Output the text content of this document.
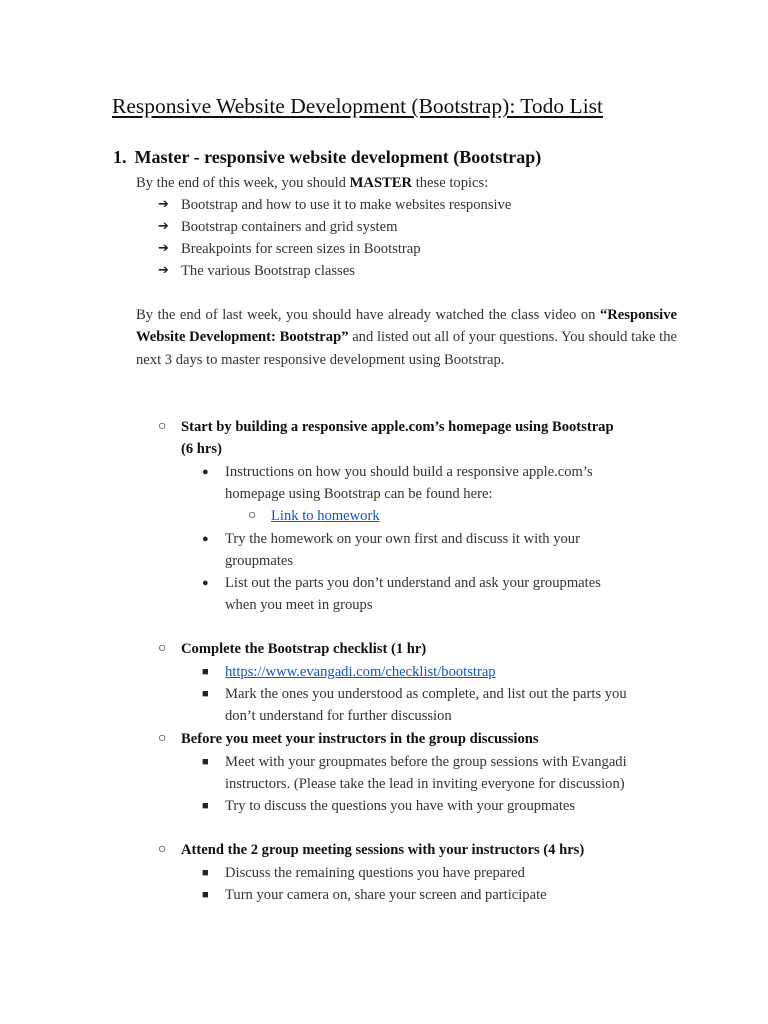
Responsive Website Development (Bootstrap): Todo List
1. Master - responsive website development (Bootstrap)
By the end of this week, you should MASTER these topics:
➔ Bootstrap and how to use it to make websites responsive
➔ Bootstrap containers and grid system
➔ Breakpoints for screen sizes in Bootstrap
➔ The various Bootstrap classes
By the end of last week, you should have already watched the class video on “Responsive Website Development: Bootstrap” and listed out all of your questions. You should take the next 3 days to master responsive development using Bootstrap.
○ Start by building a responsive apple.com’s homepage using Bootstrap
(6 hrs)
● Instructions on how you should build a responsive apple.com’s
homepage using Bootstrap can be found here:
○ Link to homework
● Try the homework on your own first and discuss it with your
groupmates
● List out the parts you don’t understand and ask your groupmates
when you meet in groups
○ Complete the Bootstrap checklist (1 hr)
■ https://www.evangadi.com/checklist/bootstrap
■ Mark the ones you understood as complete, and list out the parts you
don’t understand for further discussion
○ Before you meet your instructors in the group discussions
■ Meet with your groupmates before the group sessions with Evangadi
instructors. (Please take the lead in inviting everyone for discussion)
■ Try to discuss the questions you have with your groupmates
○ Attend the 2 group meeting sessions with your instructors (4 hrs)
■ Discuss the remaining questions you have prepared
■ Turn your camera on, share your screen and participate
